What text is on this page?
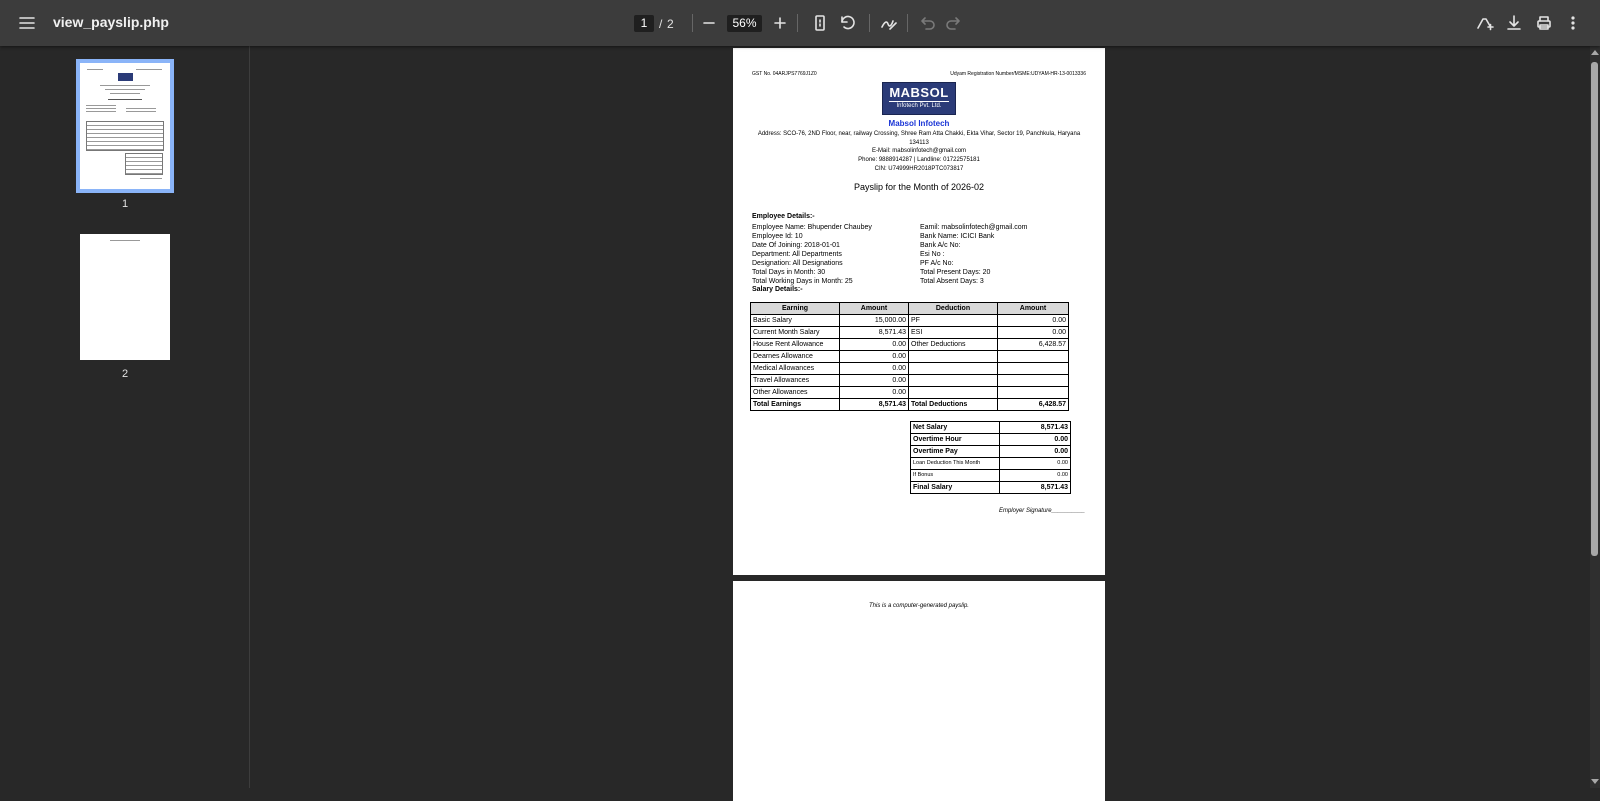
view_payslip.php	1 / 2	56%
1
2
GST No. 04ARJPS7769J1Z0	Udyam Registration Number/MSME:UDYAM-HR-13-0013336
MABSOL
Infotech Pvt. Ltd.
Mabsol Infotech
Address: SCO-76, 2ND Floor, near, railway Crossing, Shree Ram Atta Chakki, Ekta Vihar, Sector 19, Panchkula, Haryana 134113
E-Mail: mabsolinfotech@gmail.com
Phone: 9888914287 | Landline: 01722575181
CIN: U74999HR2018PTC073817
Payslip for the Month of 2026-02
Employee Details:-
Employee Name: Bhupender Chaubey
Employee Id: 10
Date Of Joining: 2018-01-01
Department: All Departments
Designation: All Designations
Total Days in Month: 30
Total Working Days in Month: 25
Eamil: mabsolinfotech@gmail.com
Bank Name: ICICI Bank
Bank A/c No:
Esi No :
PF A/c No:
Total Present Days: 20
Total Absent Days: 3
Salary Details:-
Earning	Amount	Deduction	Amount
Basic Salary	15,000.00	PF	0.00
Current Month Salary	8,571.43	ESI	0.00
House Rent Allowance	0.00	Other Deductions	6,428.57
Dearnes Allowance	0.00		
Medical Allowances	0.00		
Travel Allowances	0.00		
Other Allowances	0.00		
Total Earnings	8,571.43	Total Deductions	6,428.57
Net Salary	8,571.43
Overtime Hour	0.00
Overtime Pay	0.00
Loan Deduction This Month	0.00
If Bonus	0.00
Final Salary	8,571.43
Employer Signature__________
This is a computer-generated payslip.
